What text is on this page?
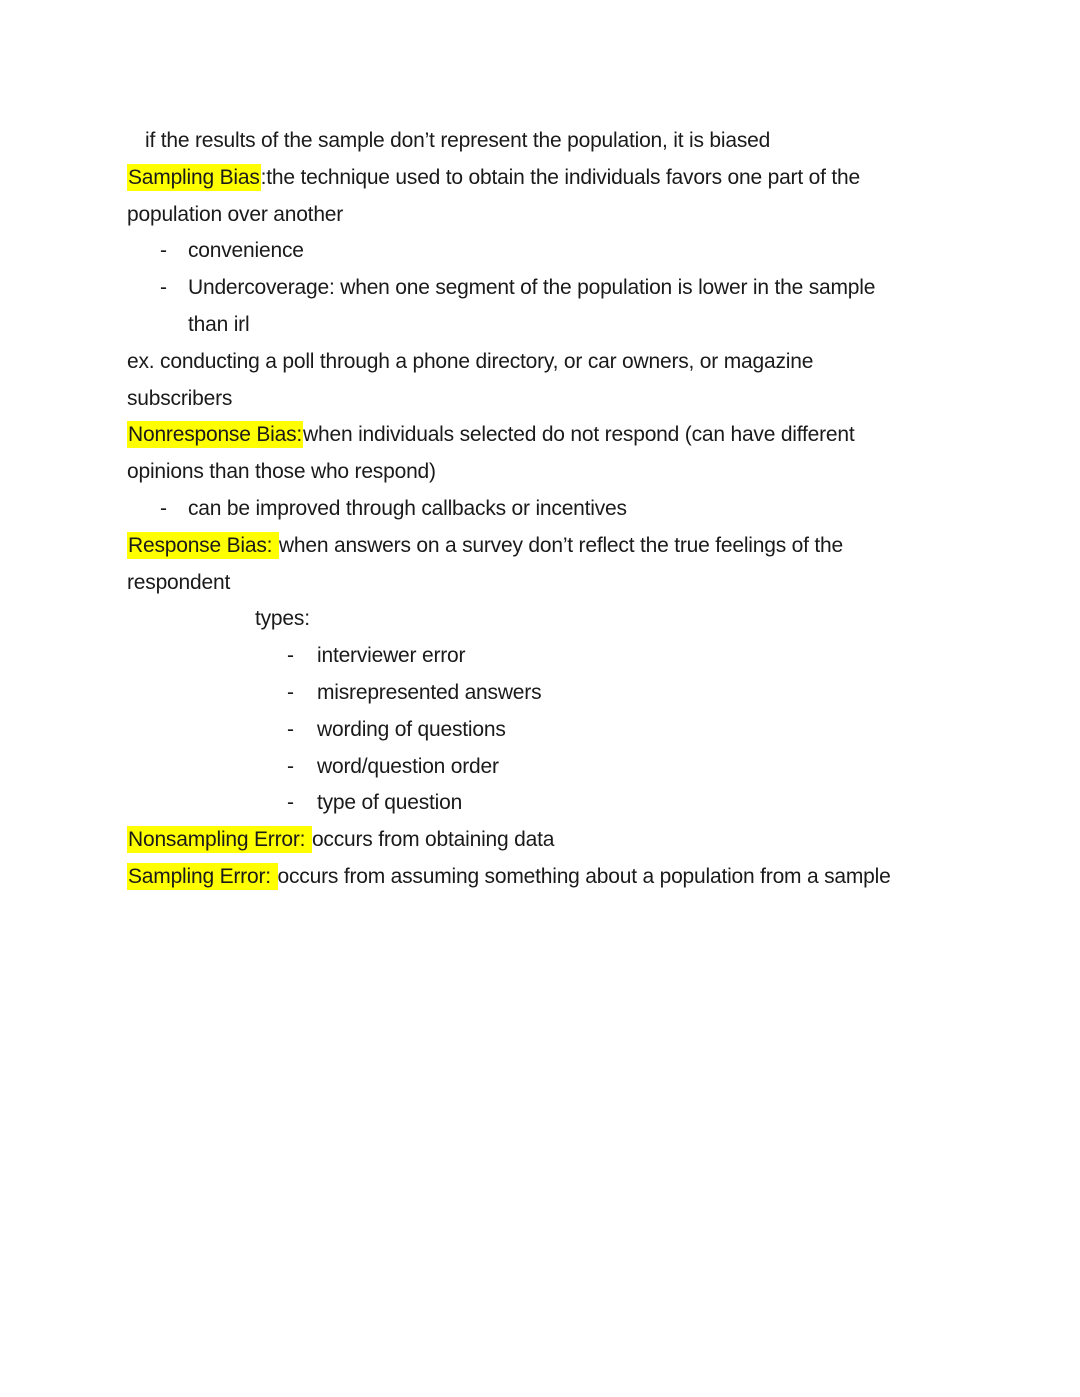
if the results of the sample don’t represent the population, it is biased
Sampling Bias:the technique used to obtain the individuals favors one part of the
population over another
- convenience
- Undercoverage: when one segment of the population is lower in the sample
than irl
ex. conducting a poll through a phone directory, or car owners, or magazine
subscribers
Nonresponse Bias:when individuals selected do not respond (can have different
opinions than those who respond)
- can be improved through callbacks or incentives
Response Bias: when answers on a survey don’t reflect the true feelings of the
respondent
types:
- interviewer error
- misrepresented answers
- wording of questions
- word/question order
- type of question
Nonsampling Error: occurs from obtaining data
Sampling Error: occurs from assuming something about a population from a sample
